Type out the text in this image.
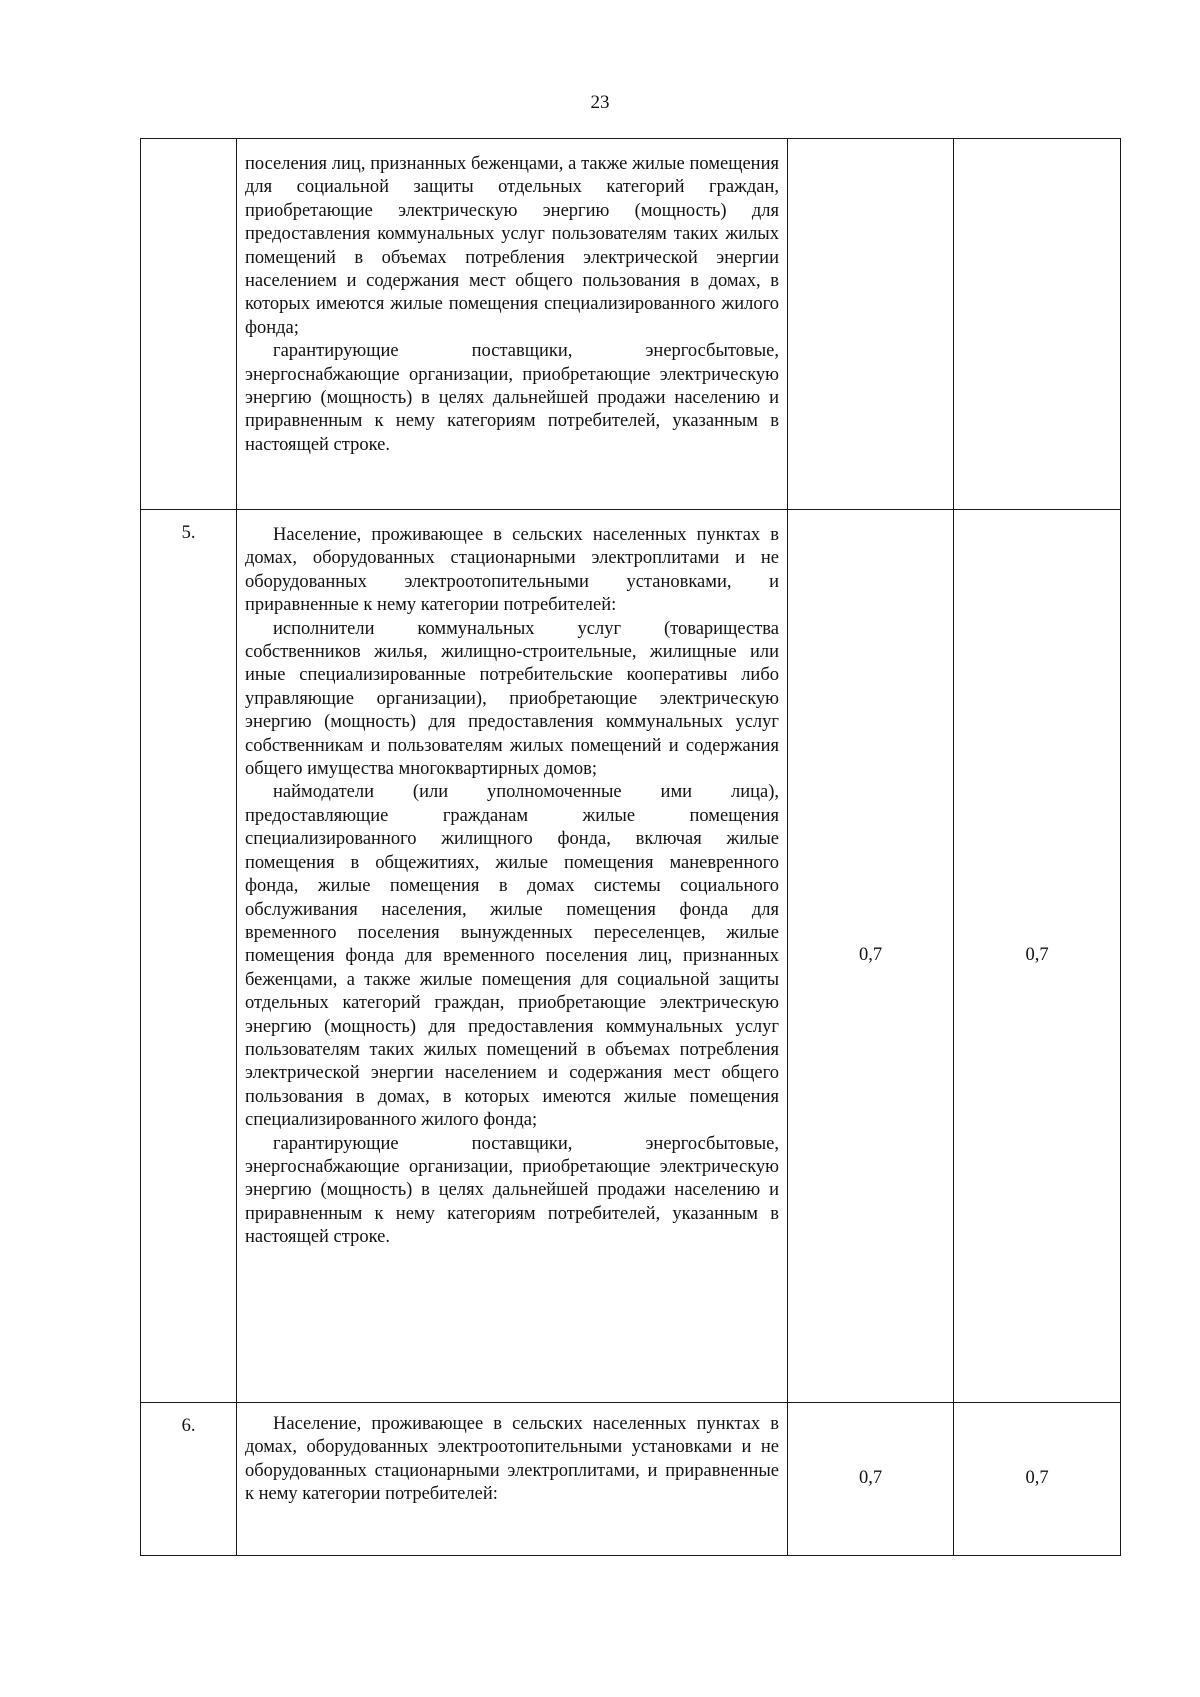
23

	поселения лиц, признанных беженцами, а также жилые помещения для социальной защиты отдельных категорий граждан, приобретающие электрическую энергию (мощность) для предоставления коммунальных услуг пользователям таких жилых помещений в объемах потребления электрической энергии населением и содержания мест общего пользования в домах, в которых имеются жилые помещения специализированного жилого фонда;

гарантирующие поставщики, энергосбытовые, энергоснабжающие организации, приобретающие электрическую энергию (мощность) в целях дальнейшей продажи населению и приравненным к нему категориям потребителей, указанным в настоящей строке.		

5.	Население, проживающее в сельских населенных пунктах в домах, оборудованных стационарными электроплитами и не оборудованных электроотопительными установками, и приравненные к нему категории потребителей:

исполнители коммунальных услуг (товарищества собственников жилья, жилищно-строительные, жилищные или иные специализированные потребительские кооперативы либо управляющие организации), приобретающие электрическую энергию (мощность) для предоставления коммунальных услуг собственникам и пользователям жилых помещений и содержания общего имущества многоквартирных домов;

наймодатели (или уполномоченные ими лица), предоставляющие гражданам жилые помещения специализированного жилищного фонда, включая жилые помещения в общежитиях, жилые помещения маневренного фонда, жилые помещения в домах системы социального обслуживания населения, жилые помещения фонда для временного поселения вынужденных переселенцев, жилые помещения фонда для временного поселения лиц, признанных беженцами, а также жилые помещения для социальной защиты отдельных категорий граждан, приобретающие электрическую энергию (мощность) для предоставления коммунальных услуг пользователям таких жилых помещений в объемах потребления электрической энергии населением и содержания мест общего пользования в домах, в которых имеются жилые помещения специализированного жилого фонда;

гарантирующие поставщики, энергосбытовые, энергоснабжающие организации, приобретающие электрическую энергию (мощность) в целях дальнейшей продажи населению и приравненным к нему категориям потребителей, указанным в настоящей строке.	0,7	0,7
6.	Население, проживающее в сельских населенных пунктах в домах, оборудованных электроотопительными установками и не оборудованных стационарными электроплитами, и приравненные к нему категории потребителей:	0,7	0,7
